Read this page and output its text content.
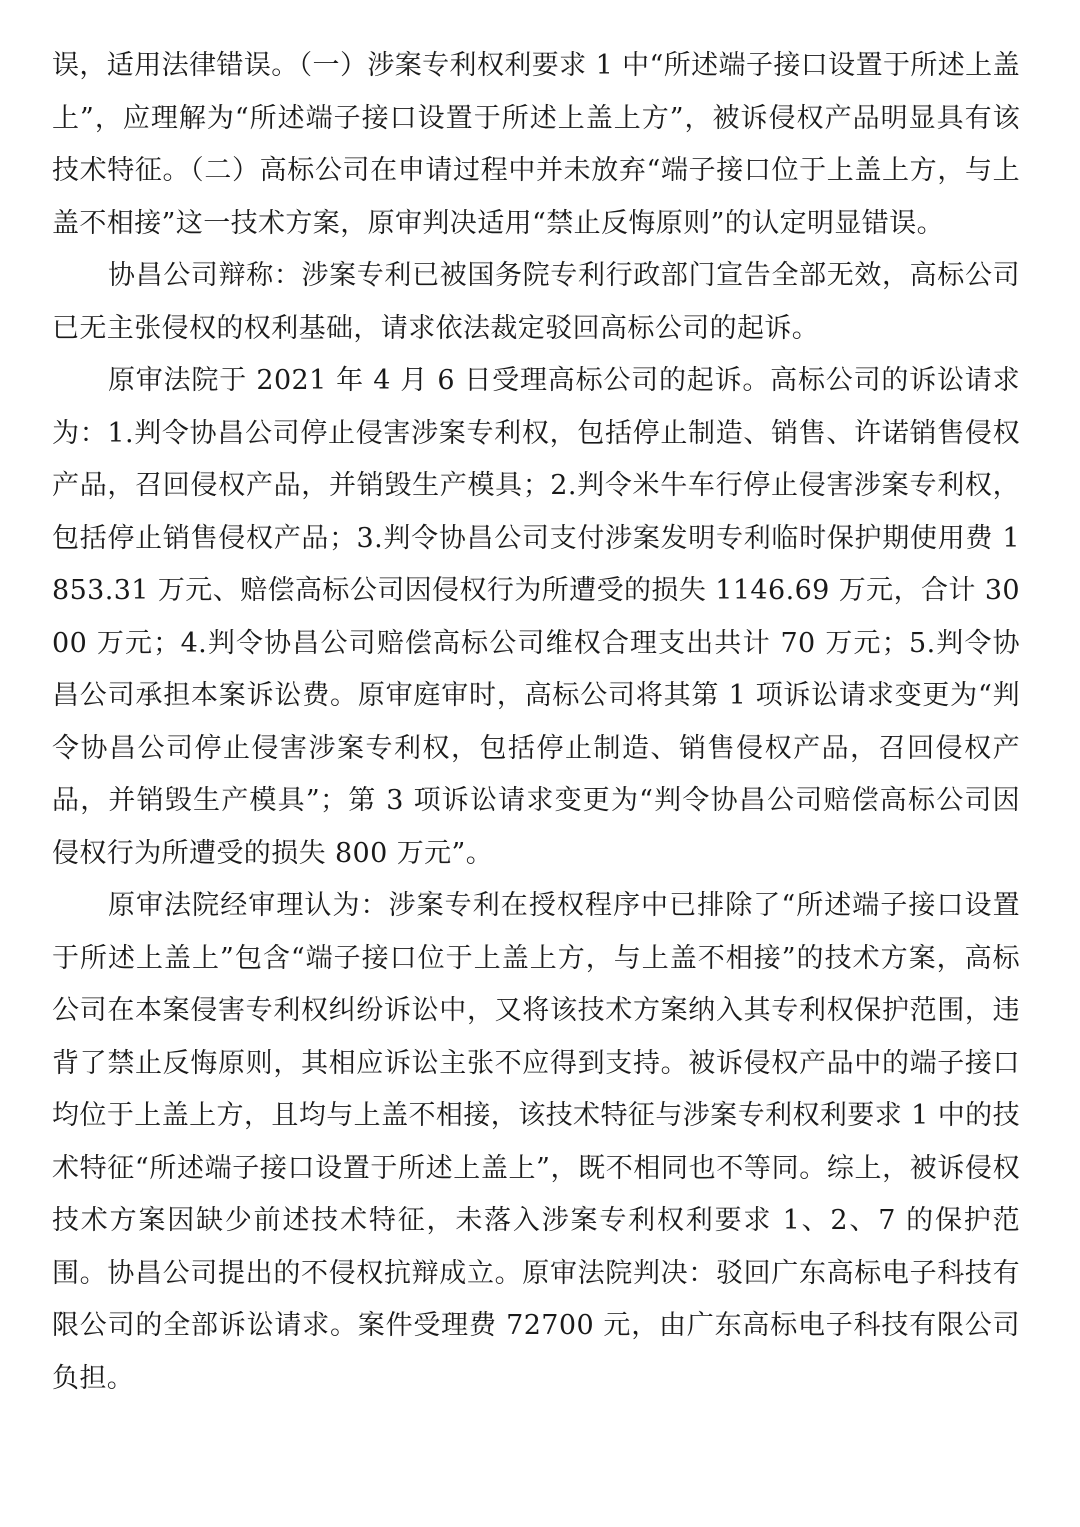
误，适用法律错误。（一）涉案专利权利要求 1 中“所述端子接口设置于所述上盖上”，应理解为“所述端子接口设置于所述上盖上方”，被诉侵权产品明显具有该技术特征。（二）高标公司在申请过程中并未放弃“端子接口位于上盖上方，与上盖不相接”这一技术方案，原审判决适用“禁止反悔原则”的认定明显错误。

协昌公司辩称：涉案专利已被国务院专利行政部门宣告全部无效，高标公司已无主张侵权的权利基础，请求依法裁定驳回高标公司的起诉。

原审法院于 2021 年 4 月 6 日受理高标公司的起诉。高标公司的诉讼请求为：1.判令协昌公司停止侵害涉案专利权，包括停止制造、销售、许诺销售侵权产品，召回侵权产品，并销毁生产模具；2.判令米牛车行停止侵害涉案专利权，包括停止销售侵权产品；3.判令协昌公司支付涉案发明专利临时保护期使用费 1853.31 万元、赔偿高标公司因侵权行为所遭受的损失 1146.69 万元，合计 3000 万元；4.判令协昌公司赔偿高标公司维权合理支出共计 70 万元；5.判令协昌公司承担本案诉讼费。原审庭审时，高标公司将其第 1 项诉讼请求变更为“判令协昌公司停止侵害涉案专利权，包括停止制造、销售侵权产品，召回侵权产品，并销毁生产模具”；第 3 项诉讼请求变更为“判令协昌公司赔偿高标公司因侵权行为所遭受的损失 800 万元”。

原审法院经审理认为：涉案专利在授权程序中已排除了“所述端子接口设置于所述上盖上”包含“端子接口位于上盖上方，与上盖不相接”的技术方案，高标公司在本案侵害专利权纠纷诉讼中，又将该技术方案纳入其专利权保护范围，违背了禁止反悔原则，其相应诉讼主张不应得到支持。被诉侵权产品中的端子接口均位于上盖上方，且均与上盖不相接，该技术特征与涉案专利权利要求 1 中的技术特征“所述端子接口设置于所述上盖上”，既不相同也不等同。综上，被诉侵权技术方案因缺少前述技术特征，未落入涉案专利权利要求 1、2、7 的保护范围。协昌公司提出的不侵权抗辩成立。原审法院判决：驳回广东高标电子科技有限公司的全部诉讼请求。案件受理费 72700 元，由广东高标电子科技有限公司负担。
